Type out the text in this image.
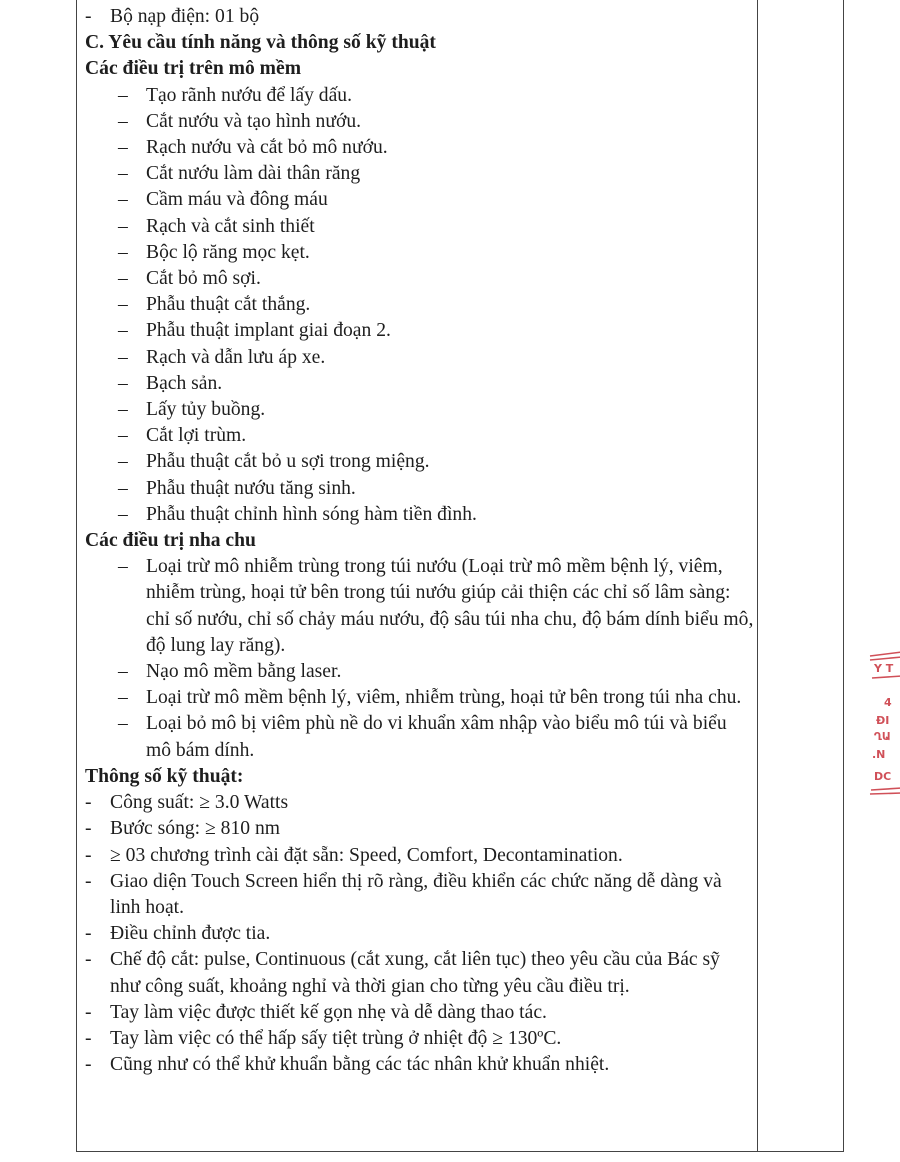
- Bộ nạp điện: 01 bộ
C. Yêu cầu tính năng và thông số kỹ thuật
Các điều trị trên mô mềm
– Tạo rãnh nướu để lấy dấu.
– Cắt nướu và tạo hình nướu.
– Rạch nướu và cắt bỏ mô nướu.
– Cắt nướu làm dài thân răng
– Cầm máu và đông máu
– Rạch và cắt sinh thiết
– Bộc lộ răng mọc kẹt.
– Cắt bỏ mô sợi.
– Phẫu thuật cắt thắng.
– Phẫu thuật implant giai đoạn 2.
– Rạch và dẫn lưu áp xe.
– Bạch sản.
– Lấy tủy buồng.
– Cắt lợi trùm.
– Phẫu thuật cắt bỏ u sợi trong miệng.
– Phẫu thuật nướu tăng sinh.
– Phẫu thuật chỉnh hình sóng hàm tiền đình.
Các điều trị nha chu
– Loại trừ mô nhiễm trùng trong túi nướu (Loại trừ mô mềm bệnh lý, viêm, nhiễm trùng, hoại tử bên trong túi nướu giúp cải thiện các chỉ số lâm sàng: chỉ số nướu, chỉ số chảy máu nướu, độ sâu túi nha chu, độ bám dính biểu mô, độ lung lay răng).
– Nạo mô mềm bằng laser.
– Loại trừ mô mềm bệnh lý, viêm, nhiễm trùng, hoại tử bên trong túi nha chu.
– Loại bỏ mô bị viêm phù nề do vi khuẩn xâm nhập vào biểu mô túi và biểu mô bám dính.
Thông số kỹ thuật:
- Công suất: ≥ 3.0 Watts
- Bước sóng: ≥ 810 nm
- ≥ 03 chương trình cài đặt sẵn: Speed, Comfort, Decontamination.
- Giao diện Touch Screen hiển thị rõ ràng, điều khiển các chức năng dễ dàng và linh hoạt.
- Điều chỉnh được tia.
- Chế độ cắt: pulse, Continuous (cắt xung, cắt liên tục) theo yêu cầu của Bác sỹ như công suất, khoảng nghỉ và thời gian cho từng yêu cầu điều trị.
- Tay làm việc được thiết kế gọn nhẹ và dễ dàng thao tác.
- Tay làm việc có thể hấp sấy tiệt trùng ở nhiệt độ ≥ 130ºC.
- Cũng như có thể khử khuẩn bằng các tác nhân khử khuẩn nhiệt.
Y T
4
ĐI
ՂԱ
.N
DC
